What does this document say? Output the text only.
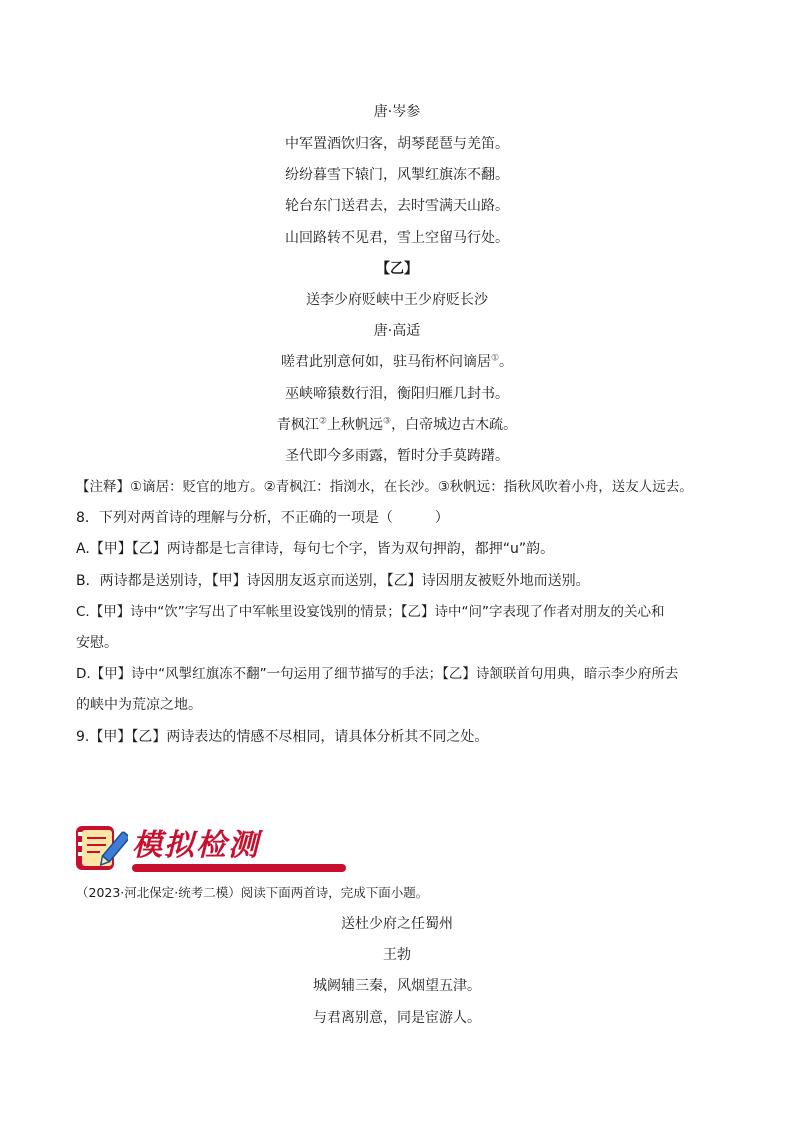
唐·岑参
中军置酒饮归客，胡琴琵琶与羌笛。
纷纷暮雪下辕门，风掣红旗冻不翻。
轮台东门送君去，去时雪满天山路。
山回路转不见君，雪上空留马行处。
【乙】
送李少府贬峡中王少府贬长沙
唐·高适
嗟君此别意何如，驻马衔杯问谪居①。
巫峡啼猿数行泪，衡阳归雁几封书。
青枫江②上秋帆远③，白帝城边古木疏。
圣代即今多雨露，暂时分手莫踌躇。
【注释】①谪居：贬官的地方。②青枫江：指浏水，在长沙。③秋帆远：指秋风吹着小舟，送友人远去。
8．下列对两首诗的理解与分析，不正确的一项是（　　　）
A.【甲】【乙】两诗都是七言律诗，每句七个字，皆为双句押韵，都押“u”韵。
B．两诗都是送别诗，【甲】诗因朋友返京而送别，【乙】诗因朋友被贬外地而送别。
C.【甲】诗中“饮”字写出了中军帐里设宴饯别的情景；【乙】诗中“问”字表现了作者对朋友的关心和
安慰。
D.【甲】诗中“风掣红旗冻不翻”一句运用了细节描写的手法；【乙】诗颔联首句用典，暗示李少府所去
的峡中为荒凉之地。
9.【甲】【乙】两诗表达的情感不尽相同，请具体分析其不同之处。
模拟检测
（2023·河北保定·统考二模）阅读下面两首诗，完成下面小题。
送杜少府之任蜀州
王勃
城阙辅三秦，风烟望五津。
与君离别意，同是宦游人。
